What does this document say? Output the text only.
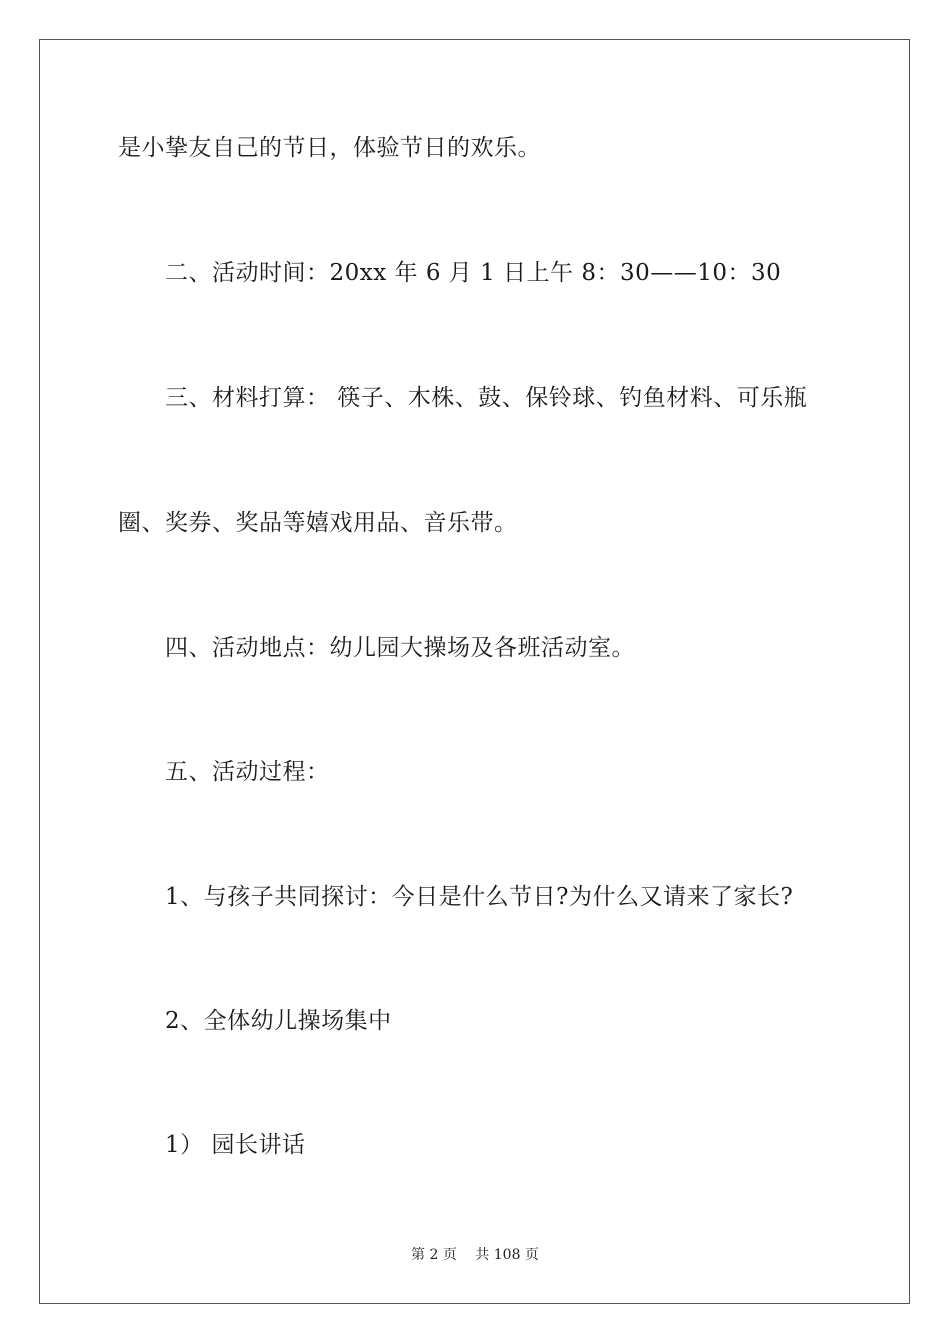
是小挚友自己的节日，体验节日的欢乐。
二、活动时间：20xx 年 6 月 1 日上午 8：30——10：30
三、材料打算： 筷子、木株、鼓、保铃球、钓鱼材料、可乐瓶
圈、奖券、奖品等嬉戏用品、音乐带。
四、活动地点：幼儿园大操场及各班活动室。
五、活动过程：
1、与孩子共同探讨：今日是什么节日?为什么又请来了家长?
2、全体幼儿操场集中
1） 园长讲话
第 2 页　 共 108 页
